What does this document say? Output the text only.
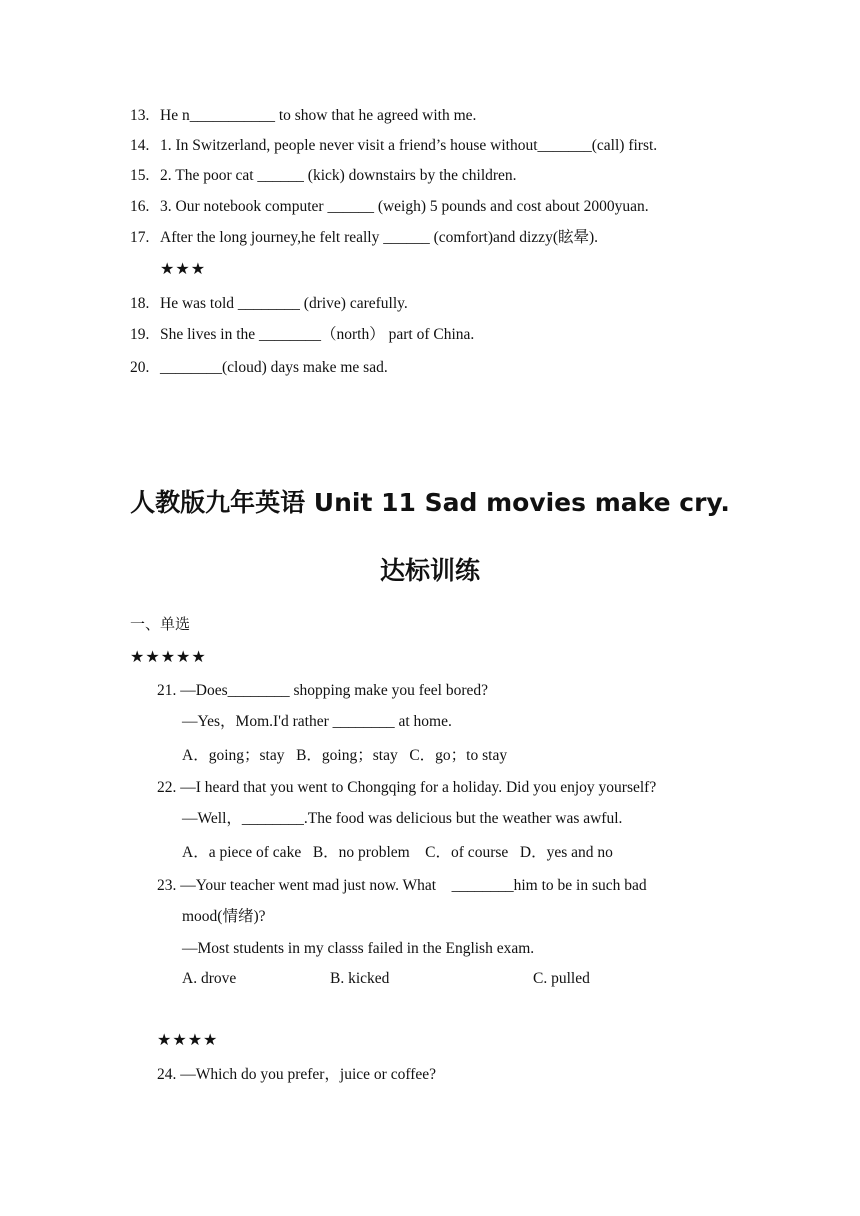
13. He n___________ to show that he agreed with me.
14. 1. In Switzerland, people never visit a friend’s house without_______(call) first.
15. 2. The poor cat ______ (kick) downstairs by the children.
16. 3. Our notebook computer ______ (weigh) 5 pounds and cost about 2000yuan.
17. After the long journey,he felt really ______ (comfort)and dizzy(眩晕).
★★★
18. He was told ________ (drive) carefully.
19. She lives in the ________（north） part of China.
20. ________(cloud) days make me sad.
人教版九年英语 Unit 11 Sad movies make cry.
达标训练
一、单选
★★★★★
21. —Does________ shopping make you feel bored?
—Yes，Mom.I'd rather ________ at home.
A．going；stay   B．going；stay   C．go；to stay
22. —I heard that you went to Chongqing for a holiday. Did you enjoy yourself?
—Well，________.The food was delicious but the weather was awful.
A．a piece of cake   B．no problem    C．of course   D．yes and no
23. —Your teacher went mad just now. What    ________him to be in such bad
mood(情绪)?
—Most students in my classs failed in the English exam.
A. drove	B. kicked	C. pulled
★★★★
24. —Which do you prefer，juice or coffee?
